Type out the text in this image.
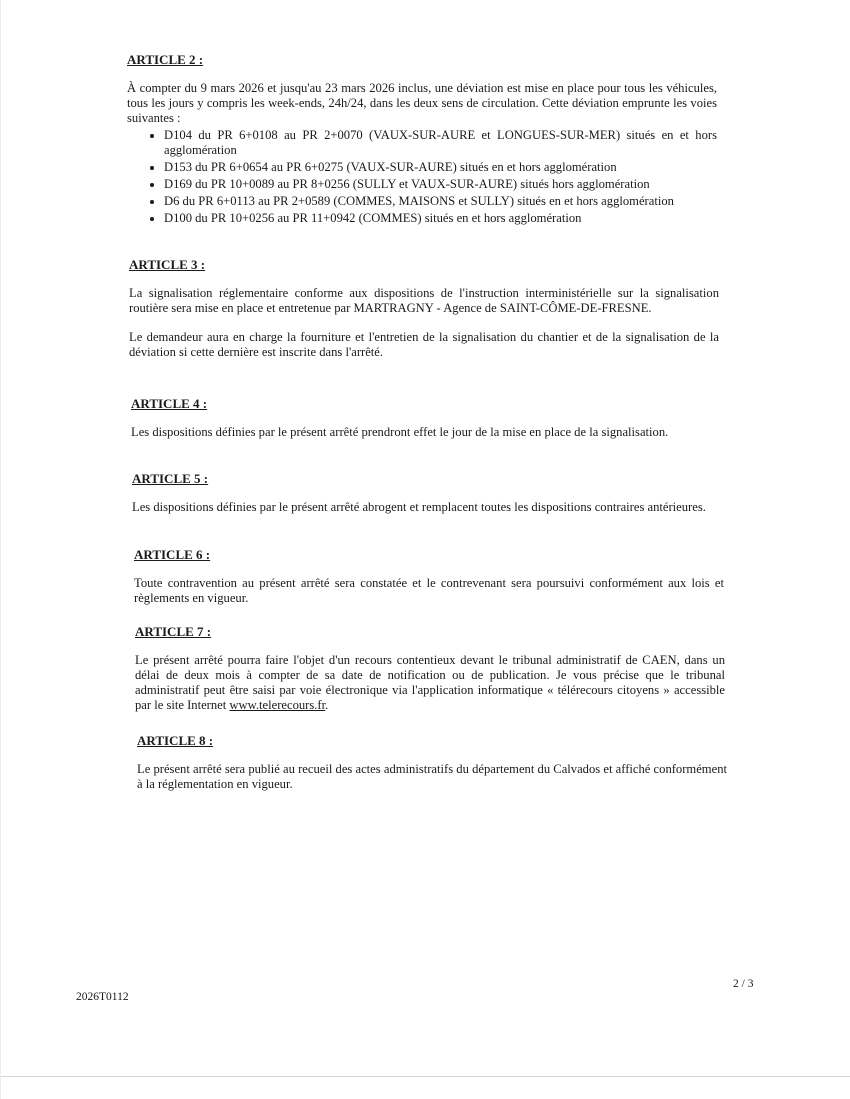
ARTICLE 2 :
À compter du 9 mars 2026 et jusqu'au 23 mars 2026 inclus, une déviation est mise en place pour tous les véhicules, tous les jours y compris les week-ends, 24h/24, dans les deux sens de circulation. Cette déviation emprunte les voies suivantes :
• D104 du PR 6+0108 au PR 2+0070 (VAUX-SUR-AURE et LONGUES-SUR-MER) situés en et hors agglomération
• D153 du PR 6+0654 au PR 6+0275 (VAUX-SUR-AURE) situés en et hors agglomération
• D169 du PR 10+0089 au PR 8+0256 (SULLY et VAUX-SUR-AURE) situés hors agglomération
• D6 du PR 6+0113 au PR 2+0589 (COMMES, MAISONS et SULLY) situés en et hors agglomération
• D100 du PR 10+0256 au PR 11+0942 (COMMES) situés en et hors agglomération
ARTICLE 3 :
La signalisation réglementaire conforme aux dispositions de l'instruction interministérielle sur la signalisation routière sera mise en place et entretenue par MARTRAGNY - Agence de SAINT-CÔME-DE-FRESNE.
Le demandeur aura en charge la fourniture et l'entretien de la signalisation du chantier et de la signalisation de la déviation si cette dernière est inscrite dans l'arrêté.
ARTICLE 4 :
Les dispositions définies par le présent arrêté prendront effet le jour de la mise en place de la signalisation.
ARTICLE 5 :
Les dispositions définies par le présent arrêté abrogent et remplacent toutes les dispositions contraires antérieures.
ARTICLE 6 :
Toute contravention au présent arrêté sera constatée et le contrevenant sera poursuivi conformément aux lois et règlements en vigueur.
ARTICLE 7 :
Le présent arrêté pourra faire l'objet d'un recours contentieux devant le tribunal administratif de CAEN, dans un délai de deux mois à compter de sa date de notification ou de publication. Je vous précise que le tribunal administratif peut être saisi par voie électronique via l'application informatique « télérecours citoyens » accessible par le site Internet www.telerecours.fr.
ARTICLE 8 :
Le présent arrêté sera publié au recueil des actes administratifs du département du Calvados et affiché conformément à la réglementation en vigueur.
2026T0112
2 / 3
